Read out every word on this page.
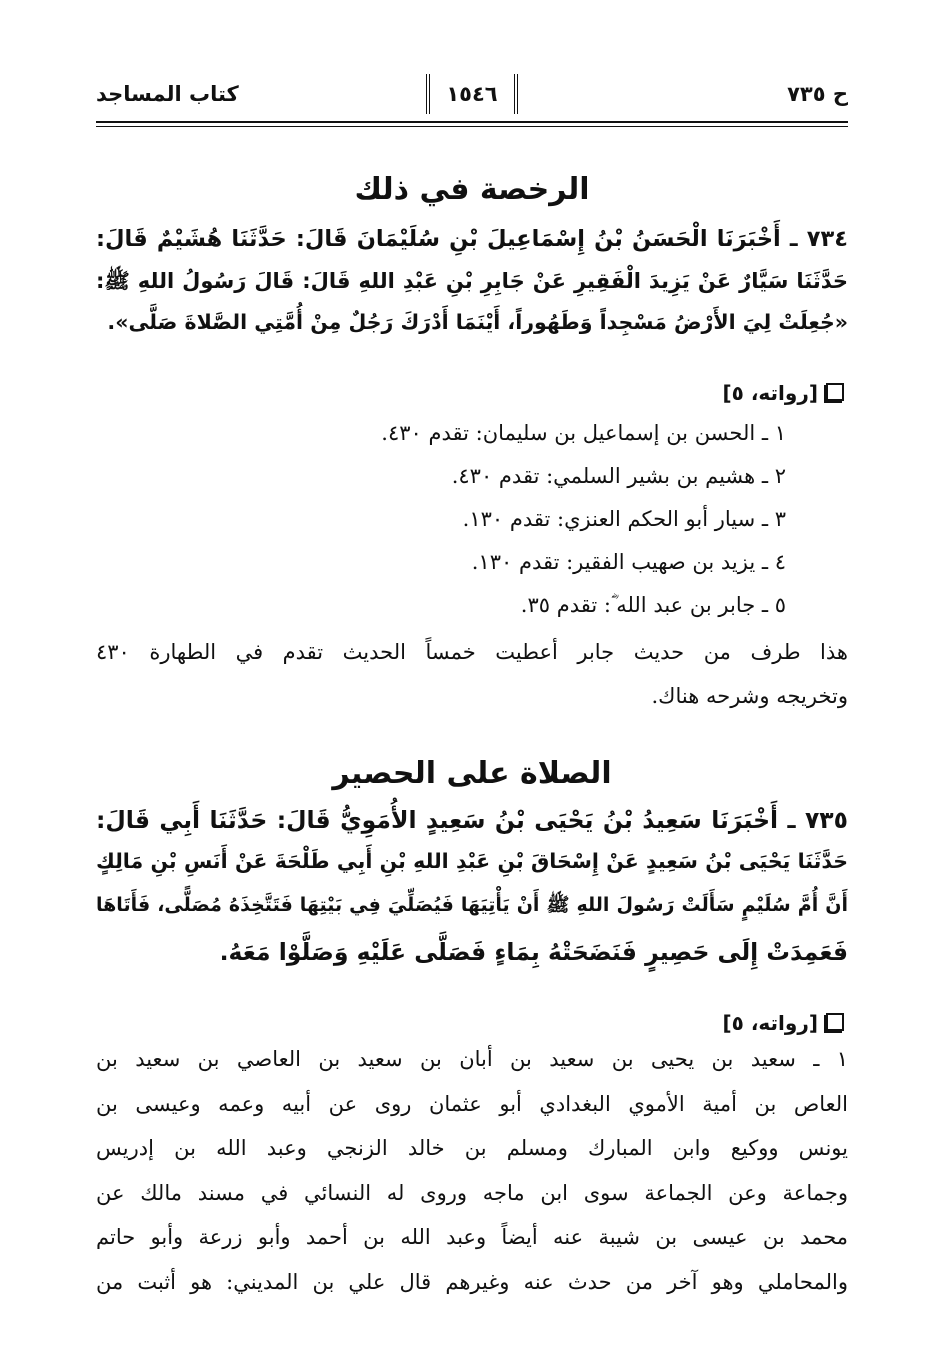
ح ٧٣٥
١٥٤٦
كتاب المساجد
الرخصة في ذلك
٧٣٤ ـ أَخْبَرَنَا الْحَسَنُ بْنُ إِسْمَاعِيلَ بْنِ سُلَيْمَانَ قَالَ: حَدَّثَنَا هُشَيْمٌ قَالَ:
حَدَّثَنَا سَيَّارٌ عَنْ يَزِيدَ الْفَقِيرِ عَنْ جَابِرِ بْنِ عَبْدِ اللهِ قَالَ: قَالَ رَسُولُ اللهِ ﷺ:
«جُعِلَتْ لِيَ الأَرْضُ مَسْجِداً وَطَهُوراً، أَيْنَمَا أَدْرَكَ رَجُلٌ مِنْ أُمَّتِي الصَّلاةَ صَلَّى».
[رواته، ٥]
١ ـ الحسن بن إسماعيل بن سليمان: تقدم ٤٣٠.
٢ ـ هشيم بن بشير السلمي: تقدم ٤٣٠.
٣ ـ سيار أبو الحكم العنزي: تقدم ١٣٠.
٤ ـ يزيد بن صهيب الفقير: تقدم ١٣٠.
٥ ـ جابر بن عبد الله ؓ: تقدم ٣٥.
هذا طرف من حديث جابر أعطيت خمساً الحديث تقدم في الطهارة ٤٣٠
وتخريجه وشرحه هناك.
الصلاة على الحصير
٧٣٥ ـ أَخْبَرَنَا سَعِيدُ بْنُ يَحْيَى بْنُ سَعِيدٍ الأُمَوِيُّ قَالَ: حَدَّثَنَا أَبِي قَالَ:
حَدَّثَنَا يَحْيَى بْنُ سَعِيدٍ عَنْ إِسْحَاقَ بْنِ عَبْدِ اللهِ بْنِ أَبِي طَلْحَةَ عَنْ أَنَسِ بْنِ مَالِكٍ
أَنَّ أُمَّ سُلَيْمٍ سَأَلَتْ رَسُولَ اللهِ ﷺ أَنْ يَأْتِيَهَا فَيُصَلِّيَ فِي بَيْتِهَا فَتَتَّخِذَهُ مُصَلًّى، فَأَتَاهَا
فَعَمِدَتْ إِلَى حَصِيرٍ فَنَضَحَتْهُ بِمَاءٍ فَصَلَّى عَلَيْهِ وَصَلَّوْا مَعَهُ.
[رواته، ٥]
١ ـ سعيد بن يحيى بن سعيد بن أبان بن سعيد بن العاصي بن سعيد بن
العاص بن أمية الأموي البغدادي أبو عثمان روى عن أبيه وعمه وعيسى بن
يونس ووكيع وابن المبارك ومسلم بن خالد الزنجي وعبد الله بن إدريس
وجماعة وعن الجماعة سوى ابن ماجه وروى له النسائي في مسند مالك عن
محمد بن عيسى بن شيبة عنه أيضاً وعبد الله بن أحمد وأبو زرعة وأبو حاتم
والمحاملي وهو آخر من حدث عنه وغيرهم قال علي بن المديني: هو أثبت من
